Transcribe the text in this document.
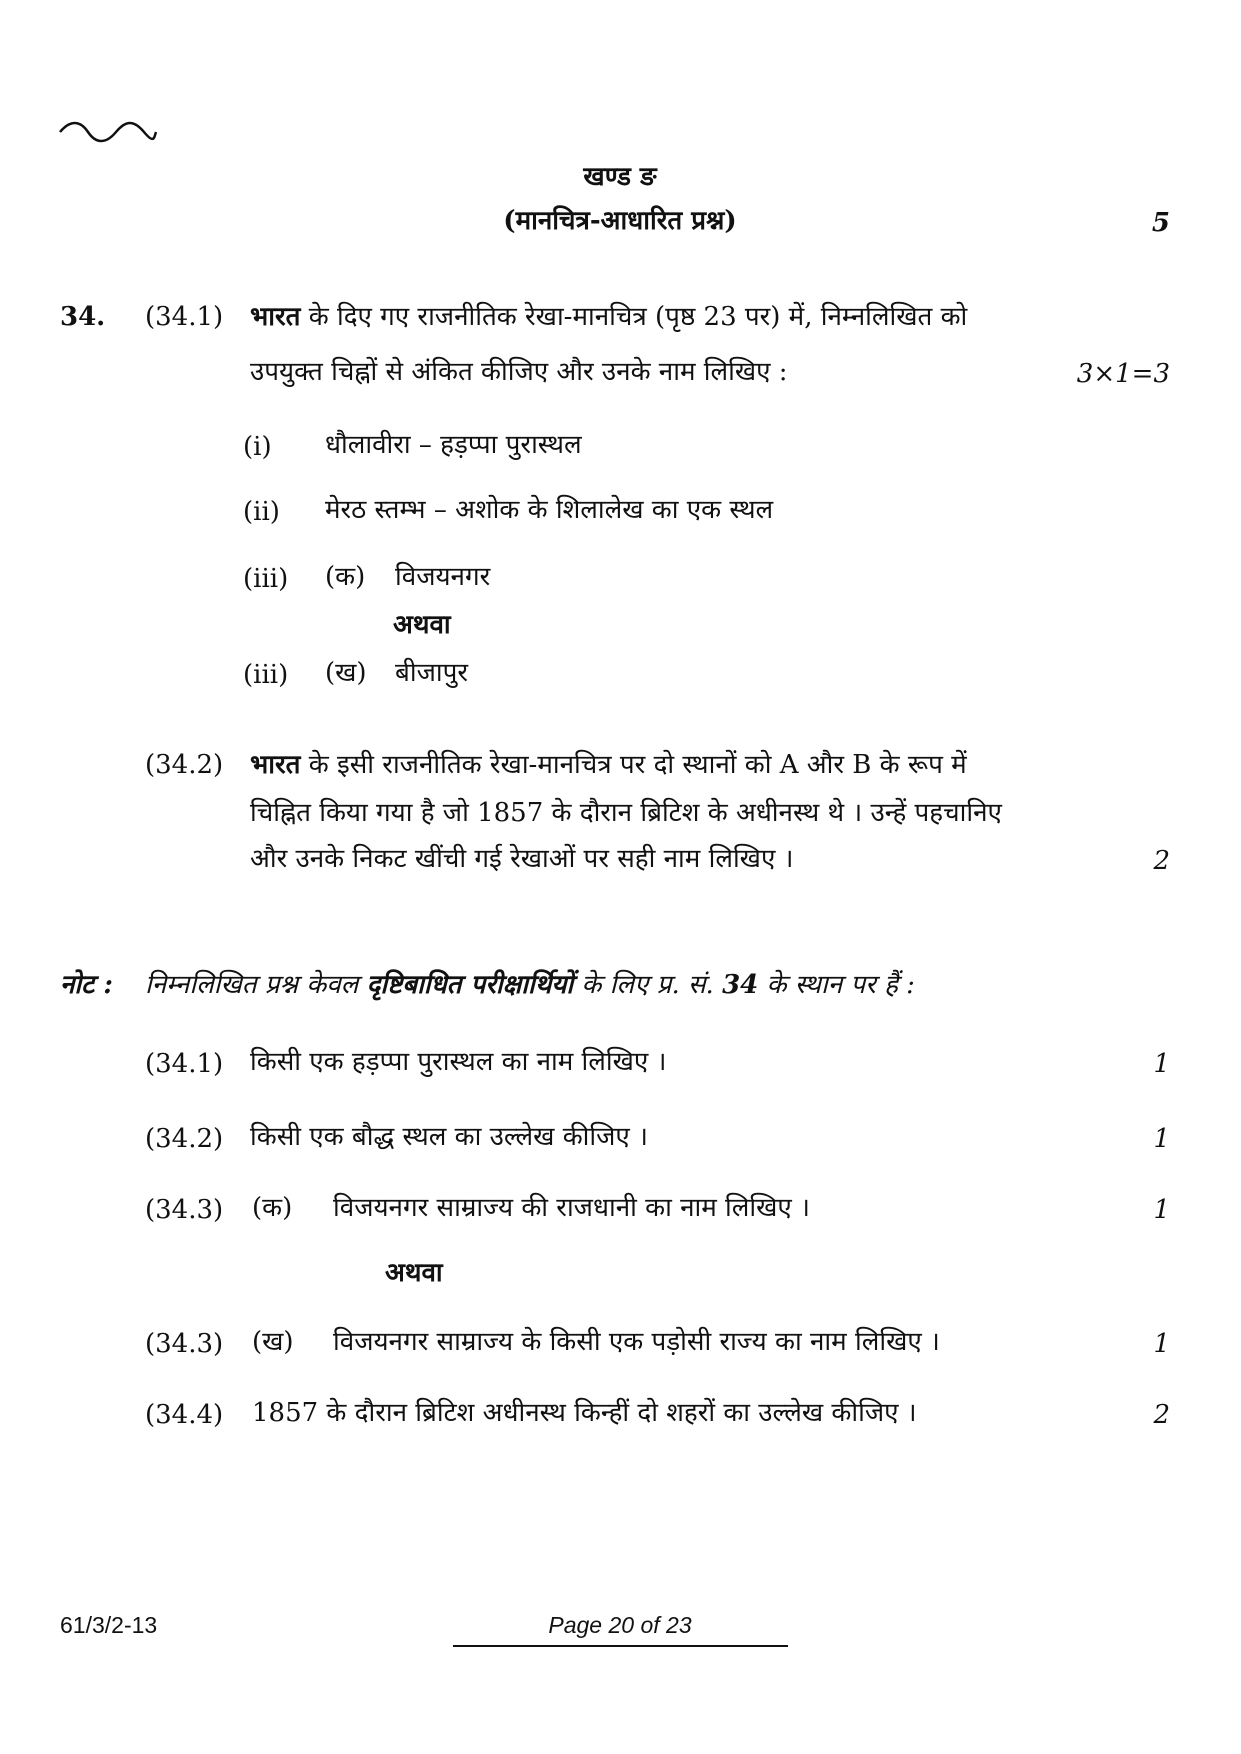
खण्ड ङ
(मानचित्र-आधारित प्रश्न)	5
34. (34.1) भारत के दिए गए राजनीतिक रेखा-मानचित्र (पृष्ठ 23 पर) में, निम्नलिखित को
उपयुक्त चिह्नों से अंकित कीजिए और उनके नाम लिखिए :	3×1=3
(i) धौलावीरा – हड़प्पा पुरास्थल
(ii) मेरठ स्तम्भ – अशोक के शिलालेख का एक स्थल
(iii) (क) विजयनगर
अथवा
(iii) (ख) बीजापुर
(34.2) भारत के इसी राजनीतिक रेखा-मानचित्र पर दो स्थानों को A और B के रूप में
चिह्नित किया गया है जो 1857 के दौरान ब्रिटिश के अधीनस्थ थे । उन्हें पहचानिए
और उनके निकट खींची गई रेखाओं पर सही नाम लिखिए ।	2
नोट : निम्नलिखित प्रश्न केवल दृष्टिबाधित परीक्षार्थियों के लिए प्र. सं. 34 के स्थान पर हैं :
(34.1) किसी एक हड़प्पा पुरास्थल का नाम लिखिए ।	1
(34.2) किसी एक बौद्ध स्थल का उल्लेख कीजिए ।	1
(34.3) (क) विजयनगर साम्राज्य की राजधानी का नाम लिखिए ।	1
अथवा
(34.3) (ख) विजयनगर साम्राज्य के किसी एक पड़ोसी राज्य का नाम लिखिए ।	1
(34.4) 1857 के दौरान ब्रिटिश अधीनस्थ किन्हीं दो शहरों का उल्लेख कीजिए ।	2
61/3/2-13	Page 20 of 23
